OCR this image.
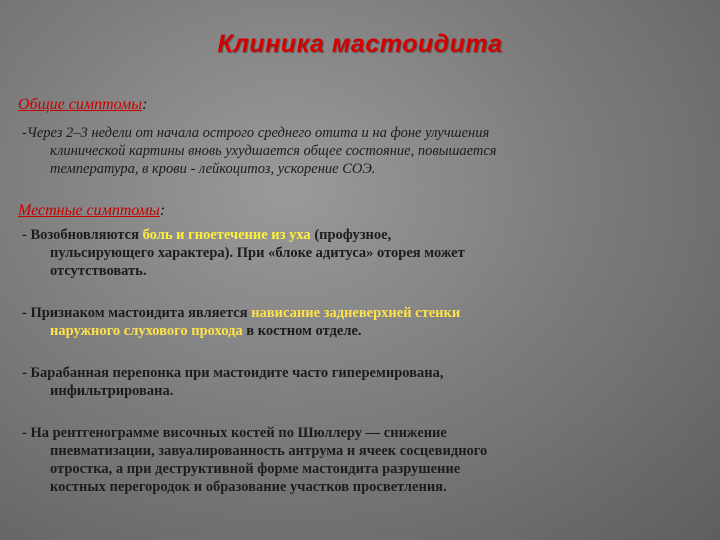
Клиника мастоидита
Общие симптомы:
-Через 2–3 недели от начала острого среднего отита и на фоне улучшения
клинической картины вновь ухудшается общее состояние, повышается
температура, в крови - лейкоцитоз, ускорение СОЭ.
Местные симптомы:
- Возобновляются боль и гноетечение из уха (профузное,
пульсирующего характера). При «блоке адитуса» оторея может
отсутствовать.
- Признаком мастоидита является нависание задневерхней стенки
наружного слухового прохода в костном отделе.
- Барабанная перепонка при мастоидите часто гиперемирована,
инфильтрирована.
- На рентгенограмме височных костей по Шюллеру — снижение
пневматизации, завуалированность антрума и ячеек сосцевидного
отростка, а при деструктивной форме мастоидита разрушение
костных перегородок и образование участков просветления.
